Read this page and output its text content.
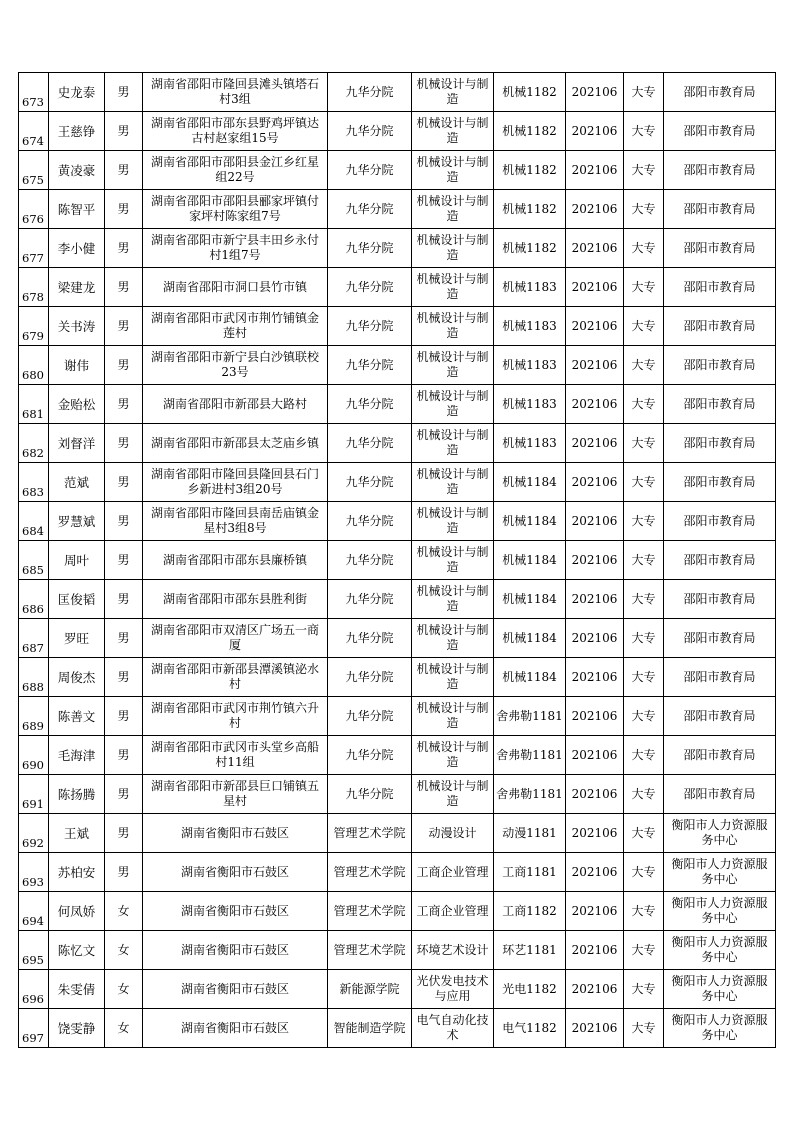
673	史龙泰	男	湖南省邵阳市隆回县滩头镇塔石村3组	九华分院	机械设计与制造	机械1182	202106	大专	邵阳市教育局
674	王慈铮	男	湖南省邵阳市邵东县野鸡坪镇达古村赵家组15号	九华分院	机械设计与制造	机械1182	202106	大专	邵阳市教育局
675	黄凌豪	男	湖南省邵阳市邵阳县金江乡红星组22号	九华分院	机械设计与制造	机械1182	202106	大专	邵阳市教育局
676	陈智平	男	湖南省邵阳市邵阳县郦家坪镇付家坪村陈家组7号	九华分院	机械设计与制造	机械1182	202106	大专	邵阳市教育局
677	李小健	男	湖南省邵阳市新宁县丰田乡永付村1组7号	九华分院	机械设计与制造	机械1182	202106	大专	邵阳市教育局
678	梁建龙	男	湖南省邵阳市洞口县竹市镇	九华分院	机械设计与制造	机械1183	202106	大专	邵阳市教育局
679	关书涛	男	湖南省邵阳市武冈市荆竹铺镇金莲村	九华分院	机械设计与制造	机械1183	202106	大专	邵阳市教育局
680	谢伟	男	湖南省邵阳市新宁县白沙镇联校23号	九华分院	机械设计与制造	机械1183	202106	大专	邵阳市教育局
681	金贻松	男	湖南省邵阳市新邵县大路村	九华分院	机械设计与制造	机械1183	202106	大专	邵阳市教育局
682	刘督洋	男	湖南省邵阳市新邵县太芝庙乡镇	九华分院	机械设计与制造	机械1183	202106	大专	邵阳市教育局
683	范斌	男	湖南省邵阳市隆回县隆回县石门乡新进村3组20号	九华分院	机械设计与制造	机械1184	202106	大专	邵阳市教育局
684	罗慧斌	男	湖南省邵阳市隆回县南岳庙镇金星村3组8号	九华分院	机械设计与制造	机械1184	202106	大专	邵阳市教育局
685	周叶	男	湖南省邵阳市邵东县廉桥镇	九华分院	机械设计与制造	机械1184	202106	大专	邵阳市教育局
686	匡俊韬	男	湖南省邵阳市邵东县胜利街	九华分院	机械设计与制造	机械1184	202106	大专	邵阳市教育局
687	罗旺	男	湖南省邵阳市双清区广场五一商厦	九华分院	机械设计与制造	机械1184	202106	大专	邵阳市教育局
688	周俊杰	男	湖南省邵阳市新邵县潭溪镇泌水村	九华分院	机械设计与制造	机械1184	202106	大专	邵阳市教育局
689	陈善文	男	湖南省邵阳市武冈市荆竹镇六升村	九华分院	机械设计与制造	舍弗勒1181	202106	大专	邵阳市教育局
690	毛海津	男	湖南省邵阳市武冈市头堂乡高船村11组	九华分院	机械设计与制造	舍弗勒1181	202106	大专	邵阳市教育局
691	陈扬腾	男	湖南省邵阳市新邵县巨口铺镇五星村	九华分院	机械设计与制造	舍弗勒1181	202106	大专	邵阳市教育局
692	王斌	男	湖南省衡阳市石鼓区	管理艺术学院	动漫设计	动漫1181	202106	大专	衡阳市人力资源服务中心
693	苏柏安	男	湖南省衡阳市石鼓区	管理艺术学院	工商企业管理	工商1181	202106	大专	衡阳市人力资源服务中心
694	何凤娇	女	湖南省衡阳市石鼓区	管理艺术学院	工商企业管理	工商1182	202106	大专	衡阳市人力资源服务中心
695	陈忆文	女	湖南省衡阳市石鼓区	管理艺术学院	环境艺术设计	环艺1181	202106	大专	衡阳市人力资源服务中心
696	朱雯倩	女	湖南省衡阳市石鼓区	新能源学院	光伏发电技术与应用	光电1182	202106	大专	衡阳市人力资源服务中心
697	饶雯静	女	湖南省衡阳市石鼓区	智能制造学院	电气自动化技术	电气1182	202106	大专	衡阳市人力资源服务中心
